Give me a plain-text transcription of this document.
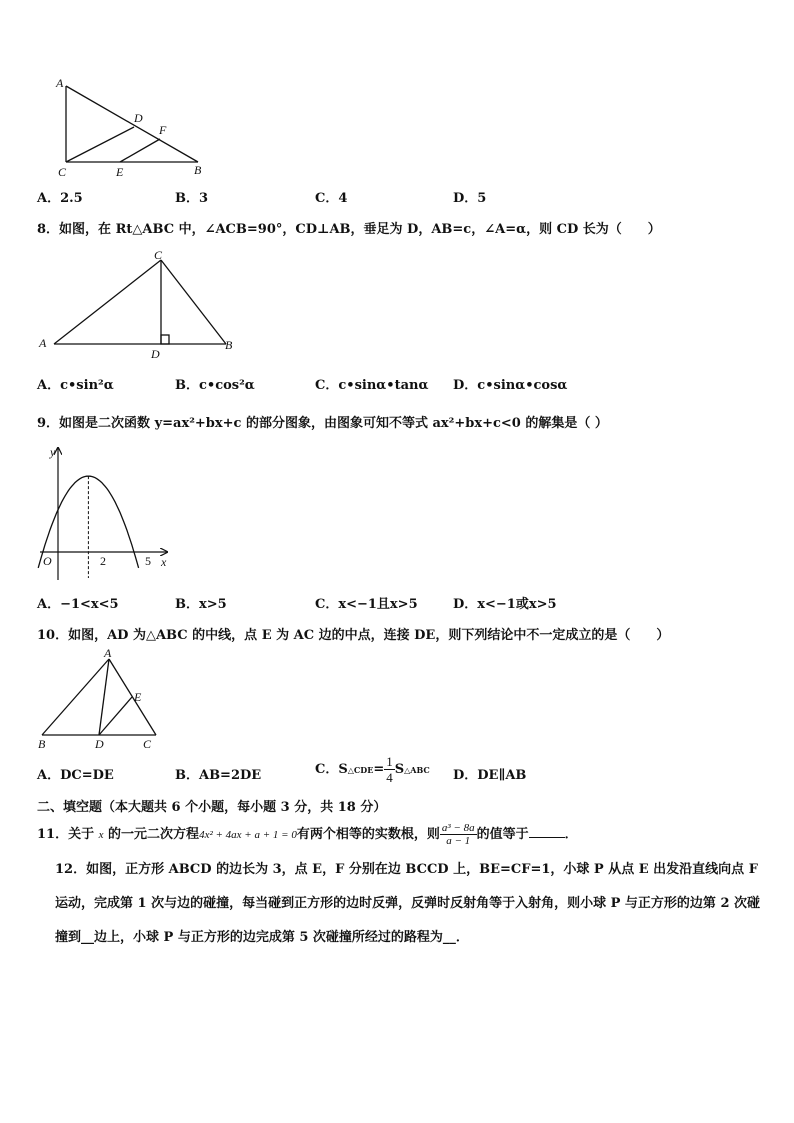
A
D
F
C	E	B
A．2.5	B．3	C．4	D．5
8．如图，在 Rt△ABC 中，∠ACB=90°，CD⊥AB，垂足为 D，AB=c，∠A=α，则 CD 长为（　　）
C
A	B
D
A．c•sin²α	B．c•cos²α	C．c•sinα•tanα D．c•sinα•cosα
9．如图是二次函数 y=ax²+bx+c 的部分图象，由图象可知不等式 ax²+bx+c<0 的解集是（ ）
y
x
O	2	5
A．−1<x<5	B．x>5	C．x<−1且x>5	D．x<−1或x>5
10．如图，AD 为△ABC 的中线，点 E 为 AC 边的中点，连接 DE，则下列结论中不一定成立的是（　　）
A
E
B	D	C
A．DC=DE	B．AB=2DE	C．S△CDE= $\frac{1}{4}$ S△ABC D．DE∥AB
二、填空题（本大题共 6 个小题，每小题 3 分，共 18 分）
11．关于 x 的一元二次方程4x² + 4ax + a + 1 = 0有两个相等的实数根，则 $\frac{\text{a³ − 8a}}{a - 1}$ 的值等于	．
12．如图，正方形 ABCD 的边长为 3，点 E，F 分别在边 BCCD 上，BE=CF=1，小球 P 从点 E 出发沿直线向点 F 运动，完成第 1 次与边的碰撞，每当碰到正方形的边时反弹，反弹时反射角等于入射角，则小球 P 与正方形的边第 2 次碰撞到__边上，小球 P 与正方形的边完成第 5 次碰撞所经过的路程为__．
